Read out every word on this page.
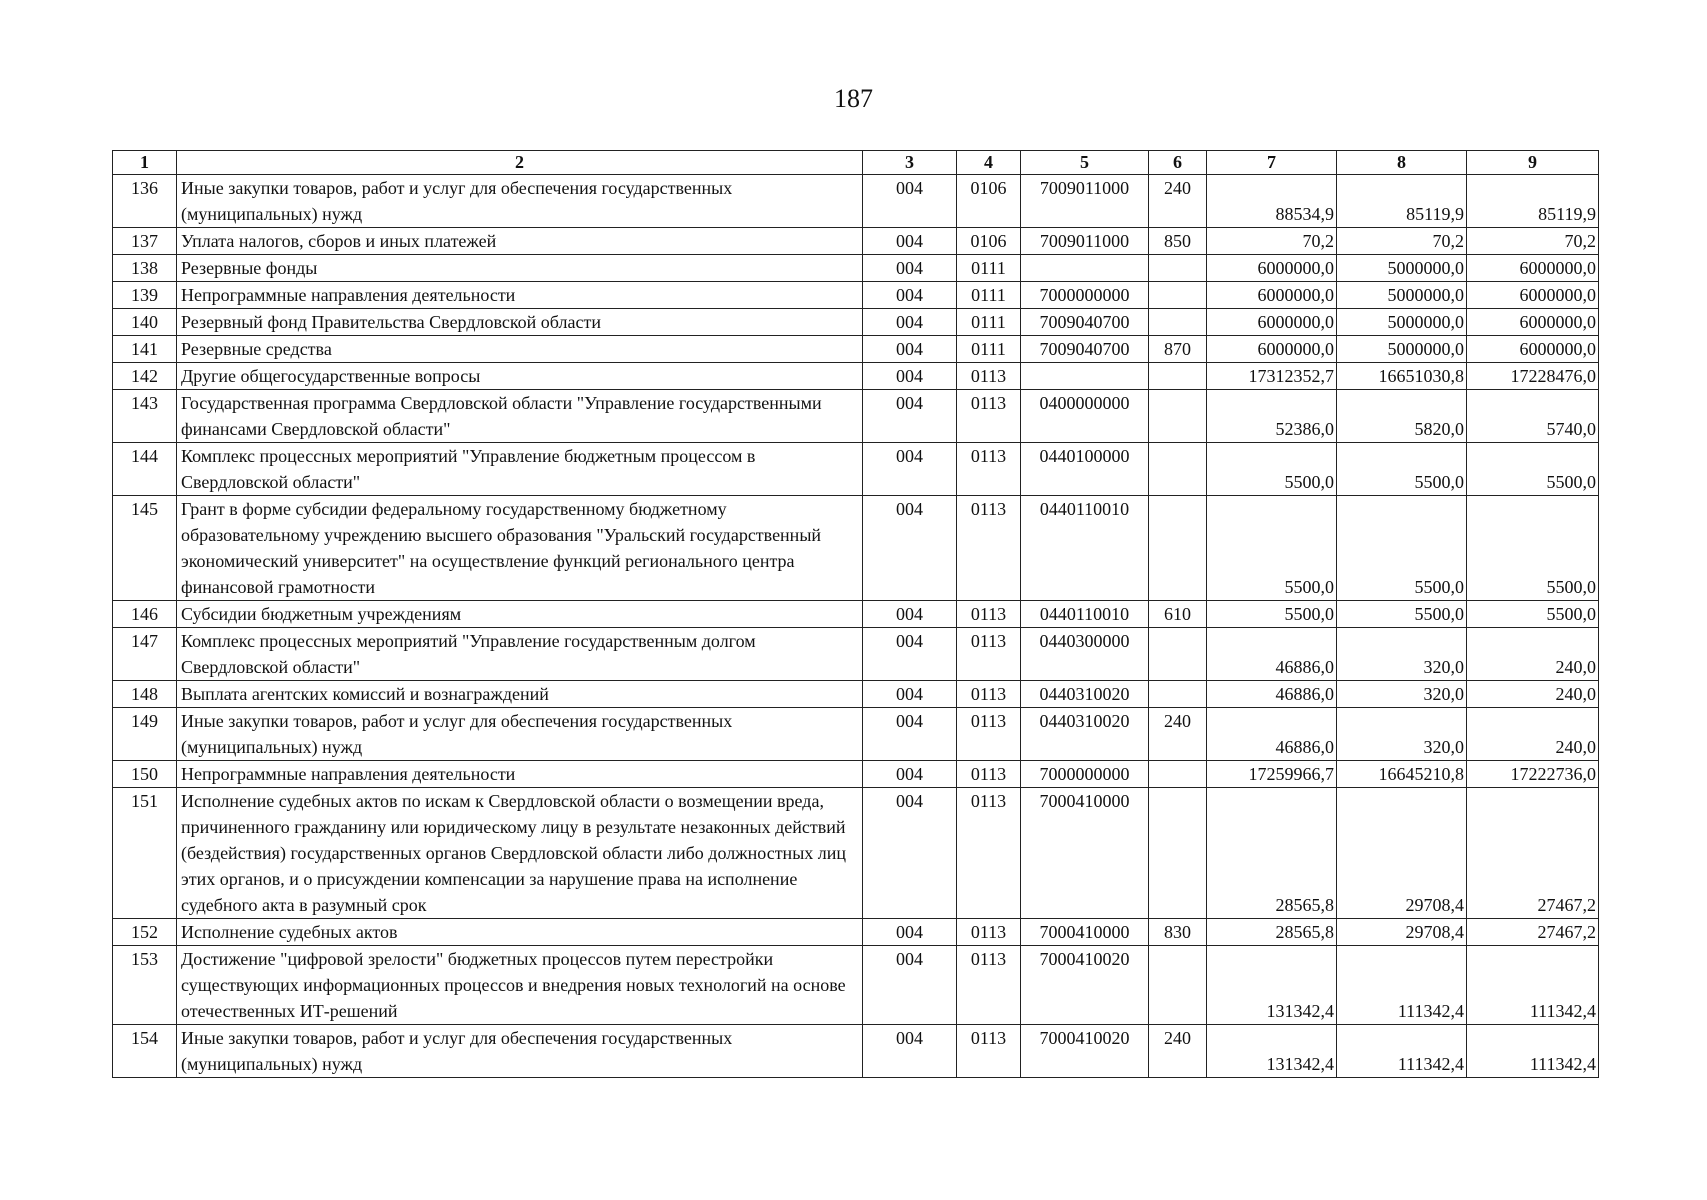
187
1	2	3	4	5	6	7	8	9
136	Иные закупки товаров, работ и услуг для обеспечения государственных (муниципальных) нужд	004	0106	7009011000	240	88534,9	85119,9	85119,9
137	Уплата налогов, сборов и иных платежей	004	0106	7009011000	850	70,2	70,2	70,2
138	Резервные фонды	004	0111			6000000,0	5000000,0	6000000,0
139	Непрограммные направления деятельности	004	0111	7000000000		6000000,0	5000000,0	6000000,0
140	Резервный фонд Правительства Свердловской области	004	0111	7009040700		6000000,0	5000000,0	6000000,0
141	Резервные средства	004	0111	7009040700	870	6000000,0	5000000,0	6000000,0
142	Другие общегосударственные вопросы	004	0113			17312352,7	16651030,8	17228476,0
143	Государственная программа Свердловской области "Управление государственными финансами Свердловской области"	004	0113	0400000000		52386,0	5820,0	5740,0
144	Комплекс процессных мероприятий "Управление бюджетным процессом в Свердловской области"	004	0113	0440100000		5500,0	5500,0	5500,0
145	Грант в форме субсидии федеральному государственному бюджетному образовательному учреждению высшего образования "Уральский государственный экономический университет" на осуществление функций регионального центра финансовой грамотности	004	0113	0440110010		5500,0	5500,0	5500,0
146	Субсидии бюджетным учреждениям	004	0113	0440110010	610	5500,0	5500,0	5500,0
147	Комплекс процессных мероприятий "Управление государственным долгом Свердловской области"	004	0113	0440300000		46886,0	320,0	240,0
148	Выплата агентских комиссий и вознаграждений	004	0113	0440310020		46886,0	320,0	240,0
149	Иные закупки товаров, работ и услуг для обеспечения государственных (муниципальных) нужд	004	0113	0440310020	240	46886,0	320,0	240,0
150	Непрограммные направления деятельности	004	0113	7000000000		17259966,7	16645210,8	17222736,0
151	Исполнение судебных актов по искам к Свердловской области о возмещении вреда, причиненного гражданину или юридическому лицу в результате незаконных действий (бездействия) государственных органов Свердловской области либо должностных лиц этих органов, и о присуждении компенсации за нарушение права на исполнение судебного акта в разумный срок	004	0113	7000410000		28565,8	29708,4	27467,2
152	Исполнение судебных актов	004	0113	7000410000	830	28565,8	29708,4	27467,2
153	Достижение "цифровой зрелости" бюджетных процессов путем перестройки существующих информационных процессов и внедрения новых технологий на основе отечественных ИТ-решений	004	0113	7000410020		131342,4	111342,4	111342,4
154	Иные закупки товаров, работ и услуг для обеспечения государственных (муниципальных) нужд	004	0113	7000410020	240	131342,4	111342,4	111342,4
